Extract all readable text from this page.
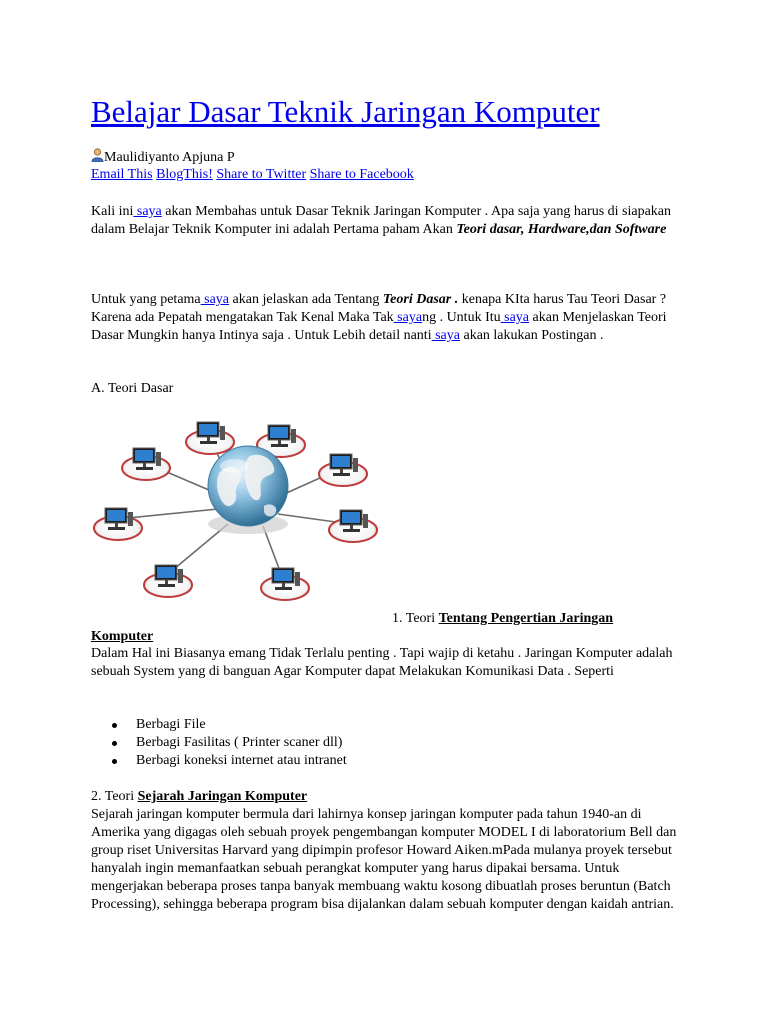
Belajar Dasar Teknik Jaringan Komputer
Maulidiyanto Apjuna P
Email This BlogThis! Share to Twitter Share to Facebook
Kali ini saya akan Membahas untuk Dasar Teknik Jaringan Komputer . Apa saja yang harus di siapakan dalam Belajar Teknik Komputer ini adalah Pertama paham Akan Teori dasar, Hardware,dan Software
Untuk yang petama saya akan jelaskan ada Tentang Teori Dasar . kenapa KIta harus Tau Teori Dasar ? Karena ada Pepatah mengatakan Tak Kenal Maka Tak sayang . Untuk Itu saya akan Menjelaskan Teori Dasar Mungkin hanya Intinya saja . Untuk Lebih detail nanti saya akan lakukan Postingan .
A. Teori Dasar
1. Teori Tentang Pengertian Jaringan
Komputer
Dalam Hal ini Biasanya emang Tidak Terlalu penting . Tapi wajip di ketahu . Jaringan Komputer adalah sebuah System yang di banguan Agar Komputer dapat Melakukan Komunikasi Data . Seperti
Berbagi File
Berbagi Fasilitas ( Printer scaner dll)
Berbagi koneksi internet atau intranet
2. Teori Sejarah Jaringan Komputer
Sejarah jaringan komputer bermula dari lahirnya konsep jaringan komputer pada tahun 1940-an di Amerika yang digagas oleh sebuah proyek pengembangan komputer MODEL I di laboratorium Bell dan group riset Universitas Harvard yang dipimpin profesor Howard Aiken.mPada mulanya proyek tersebut hanyalah ingin memanfaatkan sebuah perangkat komputer yang harus dipakai bersama. Untuk mengerjakan beberapa proses tanpa banyak membuang waktu kosong dibuatlah proses beruntun (Batch Processing), sehingga beberapa program bisa dijalankan dalam sebuah komputer dengan kaidah antrian.
